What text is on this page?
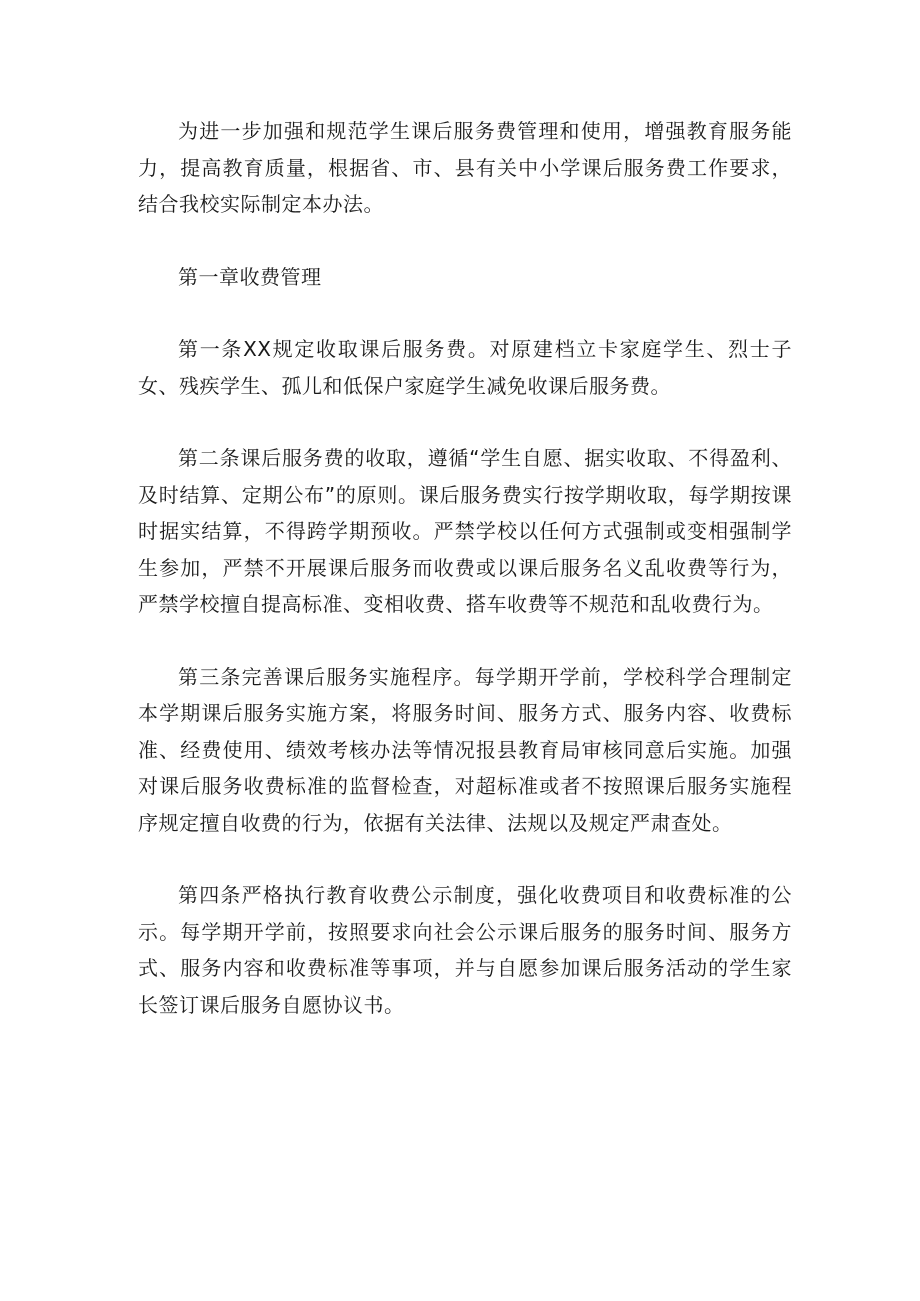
为进一步加强和规范学生课后服务费管理和使用，增强教育服务能力，提高教育质量，根据省、市、县有关中小学课后服务费工作要求，结合我校实际制定本办法。

第一章收费管理

第一条XX规定收取课后服务费。对原建档立卡家庭学生、烈士子女、残疾学生、孤儿和低保户家庭学生减免收课后服务费。

第二条课后服务费的收取，遵循“学生自愿、据实收取、不得盈利、及时结算、定期公布”的原则。课后服务费实行按学期收取，每学期按课时据实结算，不得跨学期预收。严禁学校以任何方式强制或变相强制学生参加，严禁不开展课后服务而收费或以课后服务名义乱收费等行为，严禁学校擅自提高标准、变相收费、搭车收费等不规范和乱收费行为。

第三条完善课后服务实施程序。每学期开学前，学校科学合理制定本学期课后服务实施方案，将服务时间、服务方式、服务内容、收费标准、经费使用、绩效考核办法等情况报县教育局审核同意后实施。加强对课后服务收费标准的监督检查，对超标准或者不按照课后服务实施程序规定擅自收费的行为，依据有关法律、法规以及规定严肃查处。

第四条严格执行教育收费公示制度，强化收费项目和收费标准的公示。每学期开学前，按照要求向社会公示课后服务的服务时间、服务方式、服务内容和收费标准等事项，并与自愿参加课后服务活动的学生家长签订课后服务自愿协议书。
